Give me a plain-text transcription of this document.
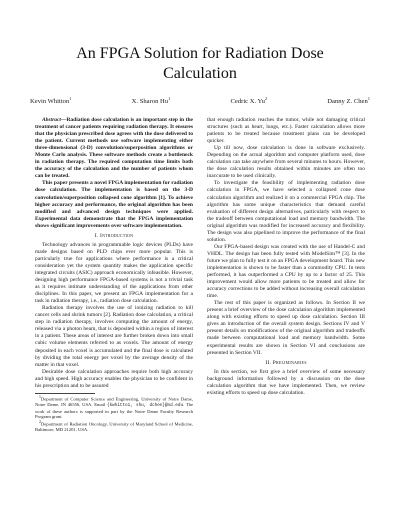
An FPGA Solution for Radiation Dose Calculation
Kevin Whitton$^1$	X. Sharon Hu$^1$	Cedric X. Yu$^2$	Danny Z. Chen$^1$

Abstract—Radiation dose calculation is an important step in the treatment of cancer patients requiring radiation therapy. It ensures that the physician prescribed dose agrees with the dose delivered to the patient. Current methods use software implementing either three-dimensional (3-D) convolution/superposition algorithms or Monte Carlo analysis. These software methods create a bottleneck in radiation therapy. The required computation time limits both the accuracy of the calculation and the number of patients whom can be treated.

This paper presents a novel FPGA implementation for radiation dose calculation. The implementation is based on the 3-D convolution/superposition collapsed cone algorithm [1]. To achieve higher accuracy and performance, the original algorithm has been modified and advanced design techniques were applied. Experimental data demonstrate that the FPGA implementation shows significant improvements over software implementation.

I. Introduction

Technology advances in programmable logic devices (PLDs) have made designs based on PLD chips ever more popular. This is particularly true for applications where performance is a critical consideration yet the system quantity makes the application specific integrated circuits (ASIC) approach economically infeasible. However, designing high performance FPGA-based systems is not a trivial task as it requires intimate understanding of the applications from other disciplines. In this paper, we present an FPGA implementation for a task in radiation therapy, i.e., radiation dose calculation.

Radiation therapy involves the use of ionizing radiation to kill cancer cells and shrink tumors [2]. Radiation dose calculation, a critical step in radiation therapy, involves computing the amount of energy, released via a photon beam, that is deposited within a region of interest in a patient. These areas of interest are further broken down into small cubic volume elements referred to as voxels. The amount of energy deposited in each voxel is accumulated and the final dose is calculated by dividing the total energy per voxel by the average density of the matter in that voxel.

Desirable dose calculation approaches require both high accuracy and high speed. High accuracy enables the physician to be confident in his prescription and to be assured

$^1$Department of Computer Science and Engineering, University of Notre Dame, Notre Dame, IN 46556, USA. Email {kwhitto1, shu, dchen}@nd.edu. The work of these authors is supported in part by the Notre Dame Faculty Research Program grant.

$^2$Department of Radiation Oncology, University of Maryland School of Medicine, Baltimore, MD 21201, USA.

that enough radiation reaches the tumor, while not damaging critical structures (such as heart, lungs, etc.). Faster calculation allows more patients to be treated because treatment plans can be developed quicker.

Up till now, dose calculation is done in software exclusively. Depending on the actual algorithm and computer platform used, dose calculation can take anywhere from several minutes to hours. However, the dose calculation results obtained within minutes are often too inaccurate to be used clinically.

To investigate the feasibility of implementing radiation dose calculation in FPGA, we have selected a collapsed cone dose calculation algorithm and realized it on a commercial FPGA chip. The algorithm has some unique characteristics that demand careful evaluation of different design alternatives, particularly with respect to the tradeoff between computational load and memory bandwidth. The original algorithm was modified for increased accuracy and flexibility. The design was also pipelined to improve the performance of the final solution.

Our FPGA-based design was created with the use of Handel-C and VHDL. The design has been fully tested with ModelSim™ [3]. In the future we plan to fully test it on an FPGA development board. This new implementation is shown to be faster than a commodity CPU. In tests performed, it has outperformed a CPU by up to a factor of 25. This improvement would allow more patients to be treated and allow for accuracy corrections to be added without increasing overall calculation time.

The rest of this paper is organized as follows. In Section II we present a brief overview of the dose calculation algorithm implemented along with existing efforts to speed up dose calculation. Section III gives an introduction of the overall system design. Sections IV and V present details on modifications of the original algorithm and tradeoffs made between computational load and memory bandwidth. Some experimental results are shown in Section VI and conclusions are presented in Section VII.

II. Preliminaries

In this section, we first give a brief overview of some necessary background information followed by a discussion on the dose calculation algorithm that we have implemented. Then, we review existing efforts to speed up dose calculation.
